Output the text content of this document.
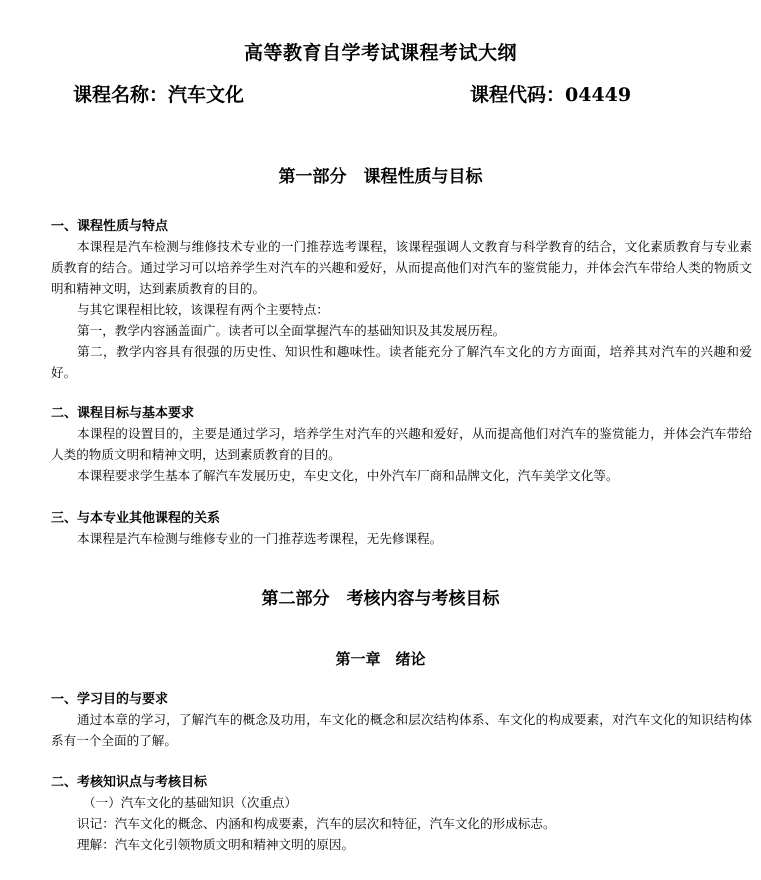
高等教育自学考试课程考试大纲
课程名称：汽车文化	课程代码：04449
第一部分　课程性质与目标
一、课程性质与特点

本课程是汽车检测与维修技术专业的一门推荐选考课程，该课程强调人文教育与科学教育的结合，文化素质教育与专业素质教育的结合。通过学习可以培养学生对汽车的兴趣和爱好，从而提高他们对汽车的鉴赏能力，并体会汽车带给人类的物质文明和精神文明，达到素质教育的目的。

与其它课程相比较，该课程有两个主要特点：

第一，教学内容涵盖面广。读者可以全面掌握汽车的基础知识及其发展历程。

第二，教学内容具有很强的历史性、知识性和趣味性。读者能充分了解汽车文化的方方面面，培养其对汽车的兴趣和爱好。

二、课程目标与基本要求

本课程的设置目的，主要是通过学习，培养学生对汽车的兴趣和爱好，从而提高他们对汽车的鉴赏能力，并体会汽车带给人类的物质文明和精神文明，达到素质教育的目的。

本课程要求学生基本了解汽车发展历史，车史文化，中外汽车厂商和品牌文化，汽车美学文化等。

三、与本专业其他课程的关系

本课程是汽车检测与维修专业的一门推荐选考课程，无先修课程。

第二部分　考核内容与考核目标
第一章　绪论
一、学习目的与要求

通过本章的学习，了解汽车的概念及功用，车文化的概念和层次结构体系、车文化的构成要素，对汽车文化的知识结构体系有一个全面的了解。

二、考核知识点与考核目标

（一）汽车文化的基础知识（次重点）

识记：汽车文化的概念、内涵和构成要素，汽车的层次和特征，汽车文化的形成标志。

理解：汽车文化引领物质文明和精神文明的原因。
